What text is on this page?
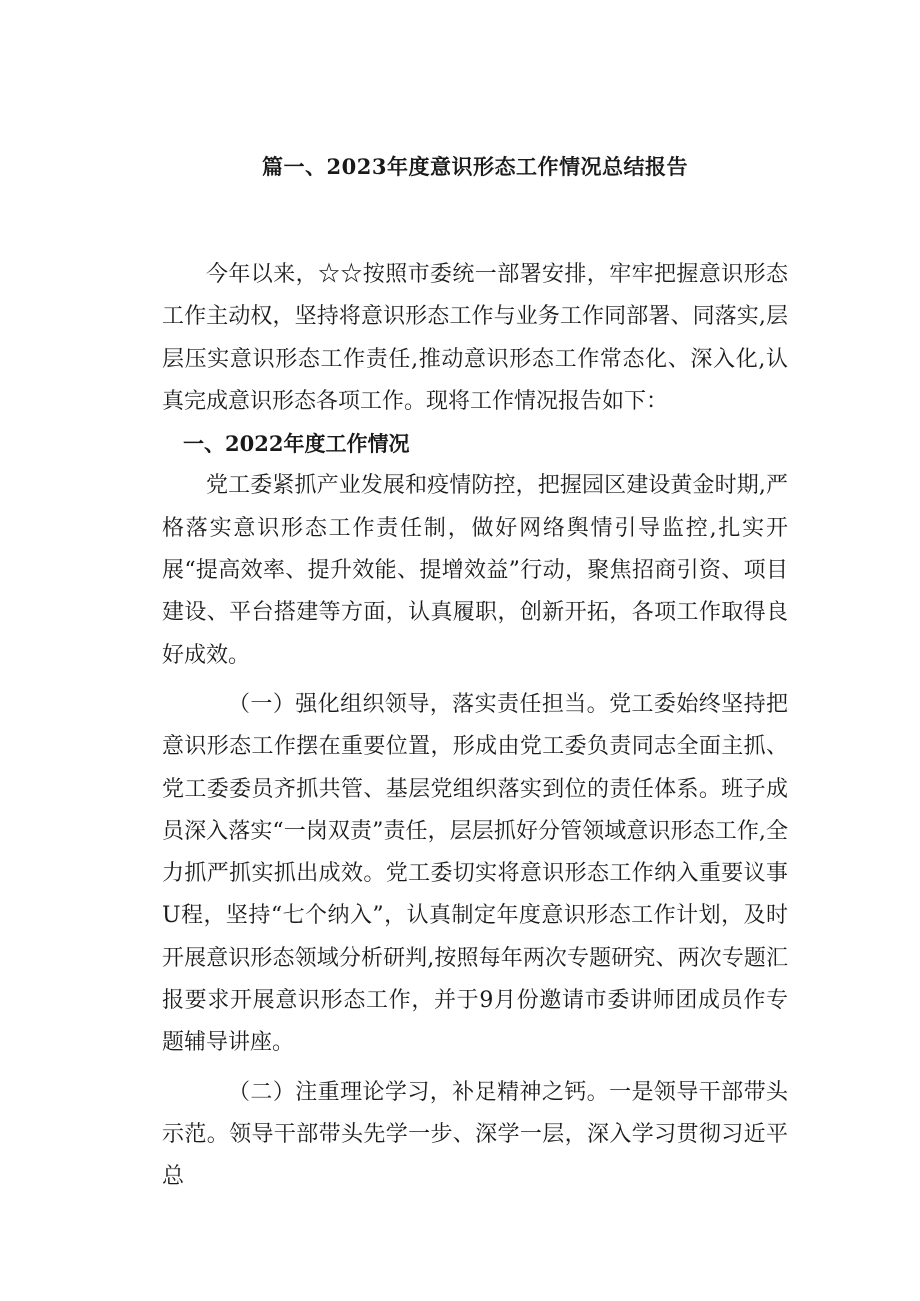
篇一、2023年度意识形态工作情况总结报告

今年以来，☆☆按照市委统一部署安排，牢牢把握意识形态工作主动权，坚持将意识形态工作与业务工作同部署、同落实,层层压实意识形态工作责任,推动意识形态工作常态化、深入化,认真完成意识形态各项工作。现将工作情况报告如下：

一、2022年度工作情况

党工委紧抓产业发展和疫情防控，把握园区建设黄金时期,严格落实意识形态工作责任制，做好网络舆情引导监控,扎实开展“提高效率、提升效能、提增效益”行动，聚焦招商引资、项目建设、平台搭建等方面，认真履职，创新开拓，各项工作取得良好成效。

（一）强化组织领导，落实责任担当。党工委始终坚持把意识形态工作摆在重要位置，形成由党工委负责同志全面主抓、党工委委员齐抓共管、基层党组织落实到位的责任体系。班子成员深入落实“一岗双责”责任，层层抓好分管领域意识形态工作,全力抓严抓实抓出成效。党工委切实将意识形态工作纳入重要议事U程，坚持“七个纳入”，认真制定年度意识形态工作计划，及时开展意识形态领域分析研判,按照每年两次专题研究、两次专题汇报要求开展意识形态工作，并于9月份邀请市委讲师团成员作专题辅导讲座。

（二）注重理论学习，补足精神之钙。一是领导干部带头示范。领导干部带头先学一步、深学一层，深入学习贯彻习近平总
